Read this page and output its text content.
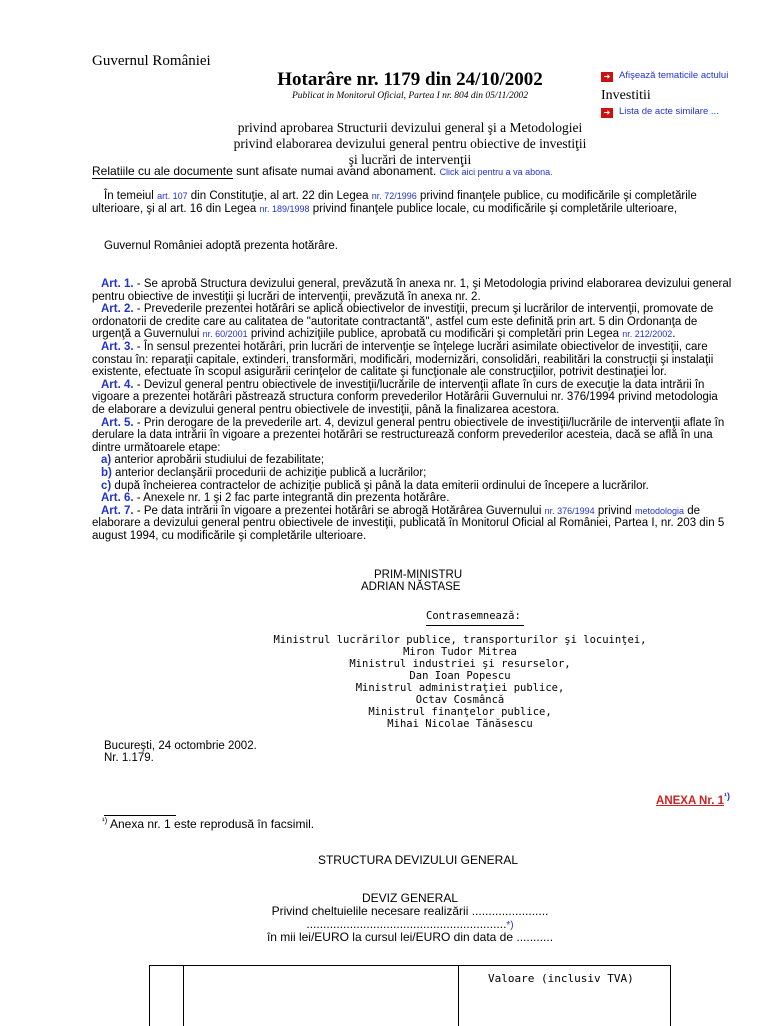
Guvernul României
Hotarâre nr. 1179 din 24/10/2002
Publicat in Monitorul Oficial, Partea I nr. 804 din 05/11/2002
privind aprobarea Structurii devizului general şi a Metodologiei
privind elaborarea devizului general pentru obiective de investiţii
şi lucrări de intervenţii
➜ Afişează tematicile actului
Investitii
➜ Lista de acte similare ...
Relatiile cu ale documente sunt afisate numai avand abonament. Click aici pentru a va abona.
În temeiul art. 107 din Constituţie, al art. 22 din Legea nr. 72/1996 privind finanţele publice, cu modificările şi completările ulterioare, şi al art. 16 din Legea nr. 189/1998 privind finanţele publice locale, cu modificările şi completările ulterioare,
Guvernul României adoptă prezenta hotărâre.
Art. 1. - Se aprobă Structura devizului general, prevăzută în anexa nr. 1, şi Metodologia privind elaborarea devizului general pentru obiective de investiţii şi lucrări de intervenţii, prevăzută în anexa nr. 2.
Art. 2. - Prevederile prezentei hotărâri se aplică obiectivelor de investiţii, precum şi lucrărilor de intervenţii, promovate de ordonatorii de credite care au calitatea de "autoritate contractantă", astfel cum este definită prin art. 5 din Ordonanţa de urgenţă a Guvernului nr. 60/2001 privind achiziţiile publice, aprobată cu modificări şi completări prin Legea nr. 212/2002.
Art. 3. - În sensul prezentei hotărâri, prin lucrări de intervenţie se înţelege lucrări asimilate obiectivelor de investiţii, care constau în: reparaţii capitale, extinderi, transformări, modificări, modernizări, consolidări, reabilitări la construcţii şi instalaţii existente, efectuate în scopul asigurării cerinţelor de calitate şi funcţionale ale construcţiilor, potrivit destinaţiei lor.
Art. 4. - Devizul general pentru obiectivele de investiţii/lucrările de intervenţii aflate în curs de execuţie la data intrării în vigoare a prezentei hotărâri păstrează structura conform prevederilor Hotărârii Guvernului nr. 376/1994 privind metodologia de elaborare a devizului general pentru obiectivele de investiţii, până la finalizarea acestora.
Art. 5. - Prin derogare de la prevederile art. 4, devizul general pentru obiectivele de investiţii/lucrările de intervenţii aflate în derulare la data intrării în vigoare a prezentei hotărâri se restructurează conform prevederilor acesteia, dacă se află în una dintre următoarele etape:
a) anterior aprobării studiului de fezabilitate;
b) anterior declanşării procedurii de achiziţie publică a lucrărilor;
c) după încheierea contractelor de achiziţie publică şi până la data emiterii ordinului de începere a lucrărilor.
Art. 6. - Anexele nr. 1 şi 2 fac parte integrantă din prezenta hotărâre.
Art. 7. - Pe data intrării în vigoare a prezentei hotărâri se abrogă Hotărârea Guvernului nr. 376/1994 privind metodologia de elaborare a devizului general pentru obiectivele de investiţii, publicată în Monitorul Oficial al României, Partea I, nr. 203 din 5 august 1994, cu modificările şi completările ulterioare.
PRIM-MINISTRU
ADRIAN NĂSTASE
Contrasemnează:
Ministrul lucrărilor publice, transporturilor şi locuinţei,
Miron Tudor Mitrea
Ministrul industriei şi resurselor,
Dan Ioan Popescu
Ministrul administraţiei publice,
Octav Cosmâncă
Ministrul finanţelor publice,
Mihai Nicolae Tănăsescu
Bucureşti, 24 octombrie 2002.
Nr. 1.179.
ANEXA Nr. $1^{^1)}$
$^{^1)}$ Anexa nr. 1 este reprodusă în facsimil.
STRUCTURA DEVIZULUI GENERAL
DEVIZ GENERAL
Privind cheltuielile necesare realizării .......................
............................................................*)
în mii lei/EURO la cursul lei/EURO din data de ...........
Valoare (inclusiv TVA)
